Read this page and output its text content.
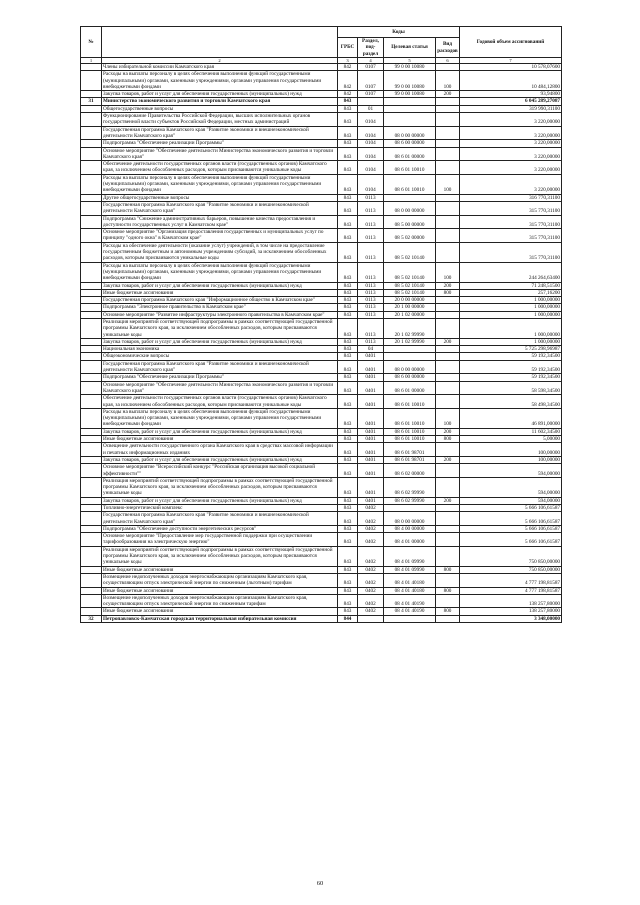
№		Коды				Годовой объем ассигнований
		ГРБС	Раздел, под-раздел	Целевая статья	Вид расходов	
1	2	3	4	5	6	7
	Члены избирательной комиссии Камчатского края	842	0107	99 0 00 10080		10 578,07600
	Расходы на выплаты персоналу в целях обеспечения выполнения функций государственными (муниципальными) органами, казенными учреждениями, органами управления государственными внебюджетными фондами	842	0107	99 0 00 10080	100	10 484,12800
	Закупка товаров, работ и услуг для обеспечения государственных (муниципальных) нужд	842	0107	99 0 00 10080	200	93,94800
31	Министерство экономического развития и торговли Камчатского края	843				6 045 289,27087
	Общегосударственные вопросы	843	01			319 990,31100
	Функционирование Правительства Российской Федерации, высших исполнительных органов государственной власти субъектов Российской Федерации, местных администраций	843	0104			3 220,00000
	Государственная программа Камчатского края "Развитие экономики и внешнеэкономической деятельности Камчатского края"	843	0104	08 0 00 00000		3 220,00000
	Подпрограмма "Обеспечение реализации Программы"	843	0104	08 6 00 00000		3 220,00000
	Основное мероприятие "Обеспечение деятельности Министерства экономического развития и торговли Камчатского края"	843	0104	08 6 01 00000		3 220,00000
	Обеспечение деятельности государственных органов власти (государственных органов) Камчатского края, за исключением обособленных расходов, которым присваиваются уникальные коды	843	0104	08 6 01 10010		3 220,00000
	Расходы на выплаты персоналу в целях обеспечения выполнения функций государственными (муниципальными) органами, казенными учреждениями, органами управления государственными внебюджетными фондами	843	0104	08 6 01 10010	100	3 220,00000
	Другие общегосударственные вопросы	843	0113			316 770,31100
	Государственная программа Камчатского края "Развитие экономики и внешнеэкономической деятельности Камчатского края"	843	0113	08 0 00 00000		315 770,31100
	Подпрограмма "Снижение административных барьеров, повышение качества предоставления и доступности государственных услуг в Камчатском крае"	843	0113	08 5 00 00000		315 770,31100
	Основное мероприятие "Организация предоставления государственных и муниципальных услуг по принципу "одного окна" в Камчатском крае"	843	0113	08 5 02 00000		315 770,31100
	Расходы на обеспечение деятельности (оказание услуг) учреждений, в том числе на предоставление государственным бюджетным и автономным учреждениям субсидий, за исключением обособленных расходов, которым присваиваются уникальные коды	843	0113	08 5 02 10140		315 770,31100
	Расходы на выплаты персоналу в целях обеспечения выполнения функций государственными (муниципальными) органами, казенными учреждениями, органами управления государственными внебюджетными фондами	843	0113	08 5 02 10140	100	244 264,63400
	Закупка товаров, работ и услуг для обеспечения государственных (муниципальных) нужд	843	0113	08 5 02 10140	200	71 248,51500
	Иные бюджетные ассигнования	843	0113	08 5 02 10140	800	257,16200
	Государственная программа Камчатского края "Информационное общество в Камчатском крае"	843	0113	20 0 00 00000		1 000,00000
	Подпрограмма "Электронное правительство в Камчатском крае"	843	0113	20 1 00 00000		1 000,00000
	Основное мероприятие "Развитие инфраструктуры электронного правительства в Камчатском крае"	843	0113	20 1 02 00000		1 000,00000
	Реализация мероприятий соответствующей подпрограммы в рамках соответствующей государственной программы Камчатского края, за исключением обособленных расходов, которым присваиваются уникальные коды	843	0113	20 1 02 99990		1 000,00000
	Закупка товаров, работ и услуг для обеспечения государственных (муниципальных) нужд	843	0113	20 1 02 99990	200	1 000,00000
	Национальная экономика	843	04			5 725 298,96987
	Общеэкономические вопросы	843	0401			59 192,34500
	Государственная программа Камчатского края "Развитие экономики и внешнеэкономической деятельности Камчатского края"	843	0401	08 0 00 00000		59 192,34500
	Подпрограмма "Обеспечение реализации Программы"	843	0401	08 6 00 00000		59 192,34500
	Основное мероприятие "Обеспечение деятельности Министерства экономического развития и торговли Камчатского края"	843	0401	08 6 01 00000		58 598,34500
	Обеспечение деятельности государственных органов власти (государственных органов) Камчатского края, за исключением обособленных расходов, которым присваиваются уникальные коды	843	0401	08 6 01 10010		58 498,34500
	Расходы на выплаты персоналу в целях обеспечения выполнения функций государственными (муниципальными) органами, казенными учреждениями, органами управления государственными внебюджетными фондами	843	0401	08 6 01 10010	100	46 891,00000
	Закупка товаров, работ и услуг для обеспечения государственных (муниципальных) нужд	843	0401	08 6 01 10010	200	11 602,34500
	Иные бюджетные ассигнования	843	0401	08 6 01 10010	800	5,00000
	Освещение деятельности государственного органа Камчатского края в средствах массовой информации и печатных информационных изданиях	843	0401	08 6 01 98701		100,00000
	Закупка товаров, работ и услуг для обеспечения государственных (муниципальных) нужд	843	0401	08 6 01 98701	200	100,00000
	Основное мероприятие "Всероссийский конкурс "Российская организация высокой социальной эффективности""	843	0401	08 6 02 00000		594,00000
	Реализация мероприятий соответствующей подпрограммы в рамках соответствующей государственной программы Камчатского края, за исключением обособленных расходов, которым присваиваются уникальные коды	843	0401	08 6 02 99990		594,00000
	Закупка товаров, работ и услуг для обеспечения государственных (муниципальных) нужд	843	0401	08 6 02 99990	200	594,00000
	Топливно-энергетический комплекс	843	0402			5 666 106,61587
	Государственная программа Камчатского края "Развитие экономики и внешнеэкономической деятельности Камчатского края"	843	0402	08 0 00 00000		5 666 106,61587
	Подпрограмма "Обеспечение доступности энергетических ресурсов"	843	0402	08 4 00 00000		5 666 106,61587
	Основное мероприятие "Предоставление мер государственной поддержки при осуществлении тарифообразования на электрическую энергию"	843	0402	08 4 01 00000		5 666 106,61587
	Реализация мероприятий соответствующей подпрограммы в рамках соответствующей государственной программы Камчатского края, за исключением обособленных расходов, которым присваиваются уникальные коды	843	0402	08 4 01 09990		750 850,00000
	Иные бюджетные ассигнования	843	0402	08 4 01 09990	800	750 850,00000
	Возмещение недополученных доходов энергоснабжающим организациям Камчатского края, осуществляющим отпуск электрической энергии по сниженным (льготным) тарифам	843	0402	08 4 01 40180		4 777 198,81587
	Иные бюджетные ассигнования	843	0402	08 4 01 40180	800	4 777 198,81587
	Возмещение недополученных доходов энергоснабжающим организациям Камчатского края, осуществляющим отпуск электрической энергии по сниженным тарифам	843	0402	08 4 01 40190		138 257,80000
	Иные бюджетные ассигнования	843	0402	08 4 01 40190	800	138 257,80000
32	Петропавловск-Камчатская городская территориальная избирательная комиссия	844				3 348,00000
60
